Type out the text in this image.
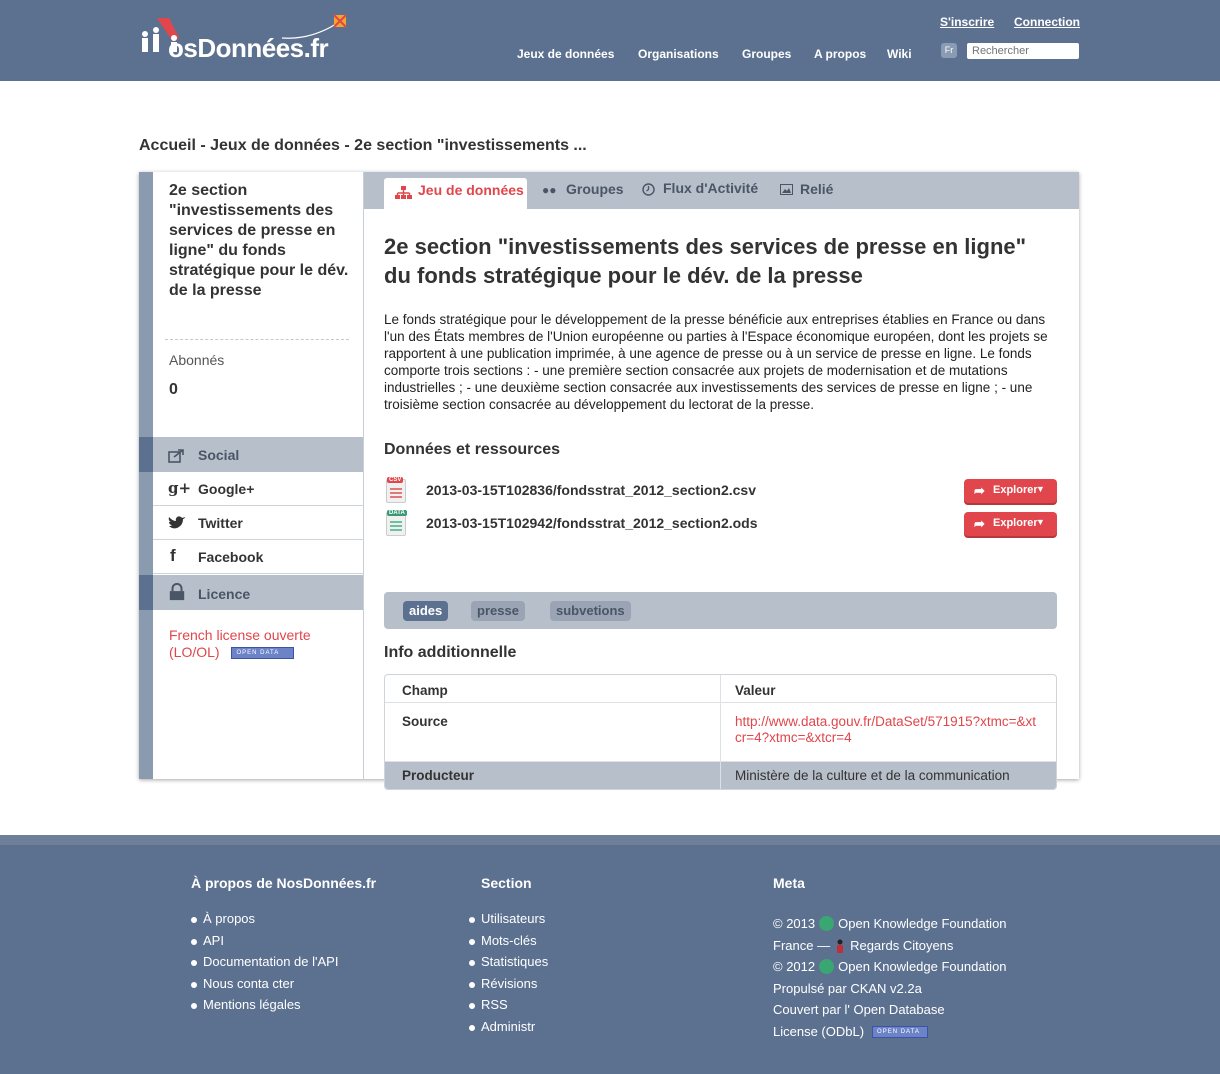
osDonnées.fr
S'inscrire Connection
Jeux de données Organisations Groupes A propos Wiki	Fr
Rechercher
Accueil - Jeux de données - 2e section "investissements ...
2e section "investissements des services de presse en ligne" du fonds stratégique pour le dév. de la presse
Abonnés
0
Social
g+ Google+
Twitter
f	Facebook
Licence
French license ouverte (LO/OL)	OPEN DATA
Jeu de données ●● Groupes	Flux d'Activité	Relié
2e section "investissements des services de presse en ligne" du fonds stratégique pour le dév. de la presse
Le fonds stratégique pour le développement de la presse bénéficie aux entreprises établies en France ou dans l'un des États membres de l'Union européenne ou parties à l'Espace économique européen, dont les projets se rapportent à une publication imprimée, à une agence de presse ou à un service de presse en ligne. Le fonds comporte trois sections : - une première section consacrée aux projets de modernisation et de mutations industrielles ; - une deuxième section consacrée aux investissements des services de presse en ligne ; - une troisième section consacrée au développement du lectorat de la presse.
Données et ressources
CSV
2013-03-15T102836/fondsstrat_2012_section2.csv	➦ Explorer
▼
DATA
2013-03-15T102942/fondsstrat_2012_section2.ods	➦ Explorer
▼
aides	presse	subvetions
Info additionnelle
Champ	Valeur
Source	http://www.data.gouv.fr/DataSet/571915?xtmc=&xtcr=4?xtmc=&xtcr=4
Producteur	Ministère de la culture et de la communication
À propos de NosDonnées.fr
À propos
API
Documentation de l'API
Nous conta cter
Mentions légales
Section
Utilisateurs
Mots-clés
Statistiques
Révisions
RSS
Administr
Meta
© 2013 Open Knowledge Foundation
France — Regards Citoyens
© 2012 Open Knowledge Foundation
Propulsé par CKAN v2.2a
Couvert par l' Open Database
License (ODbL) OPEN DATA
